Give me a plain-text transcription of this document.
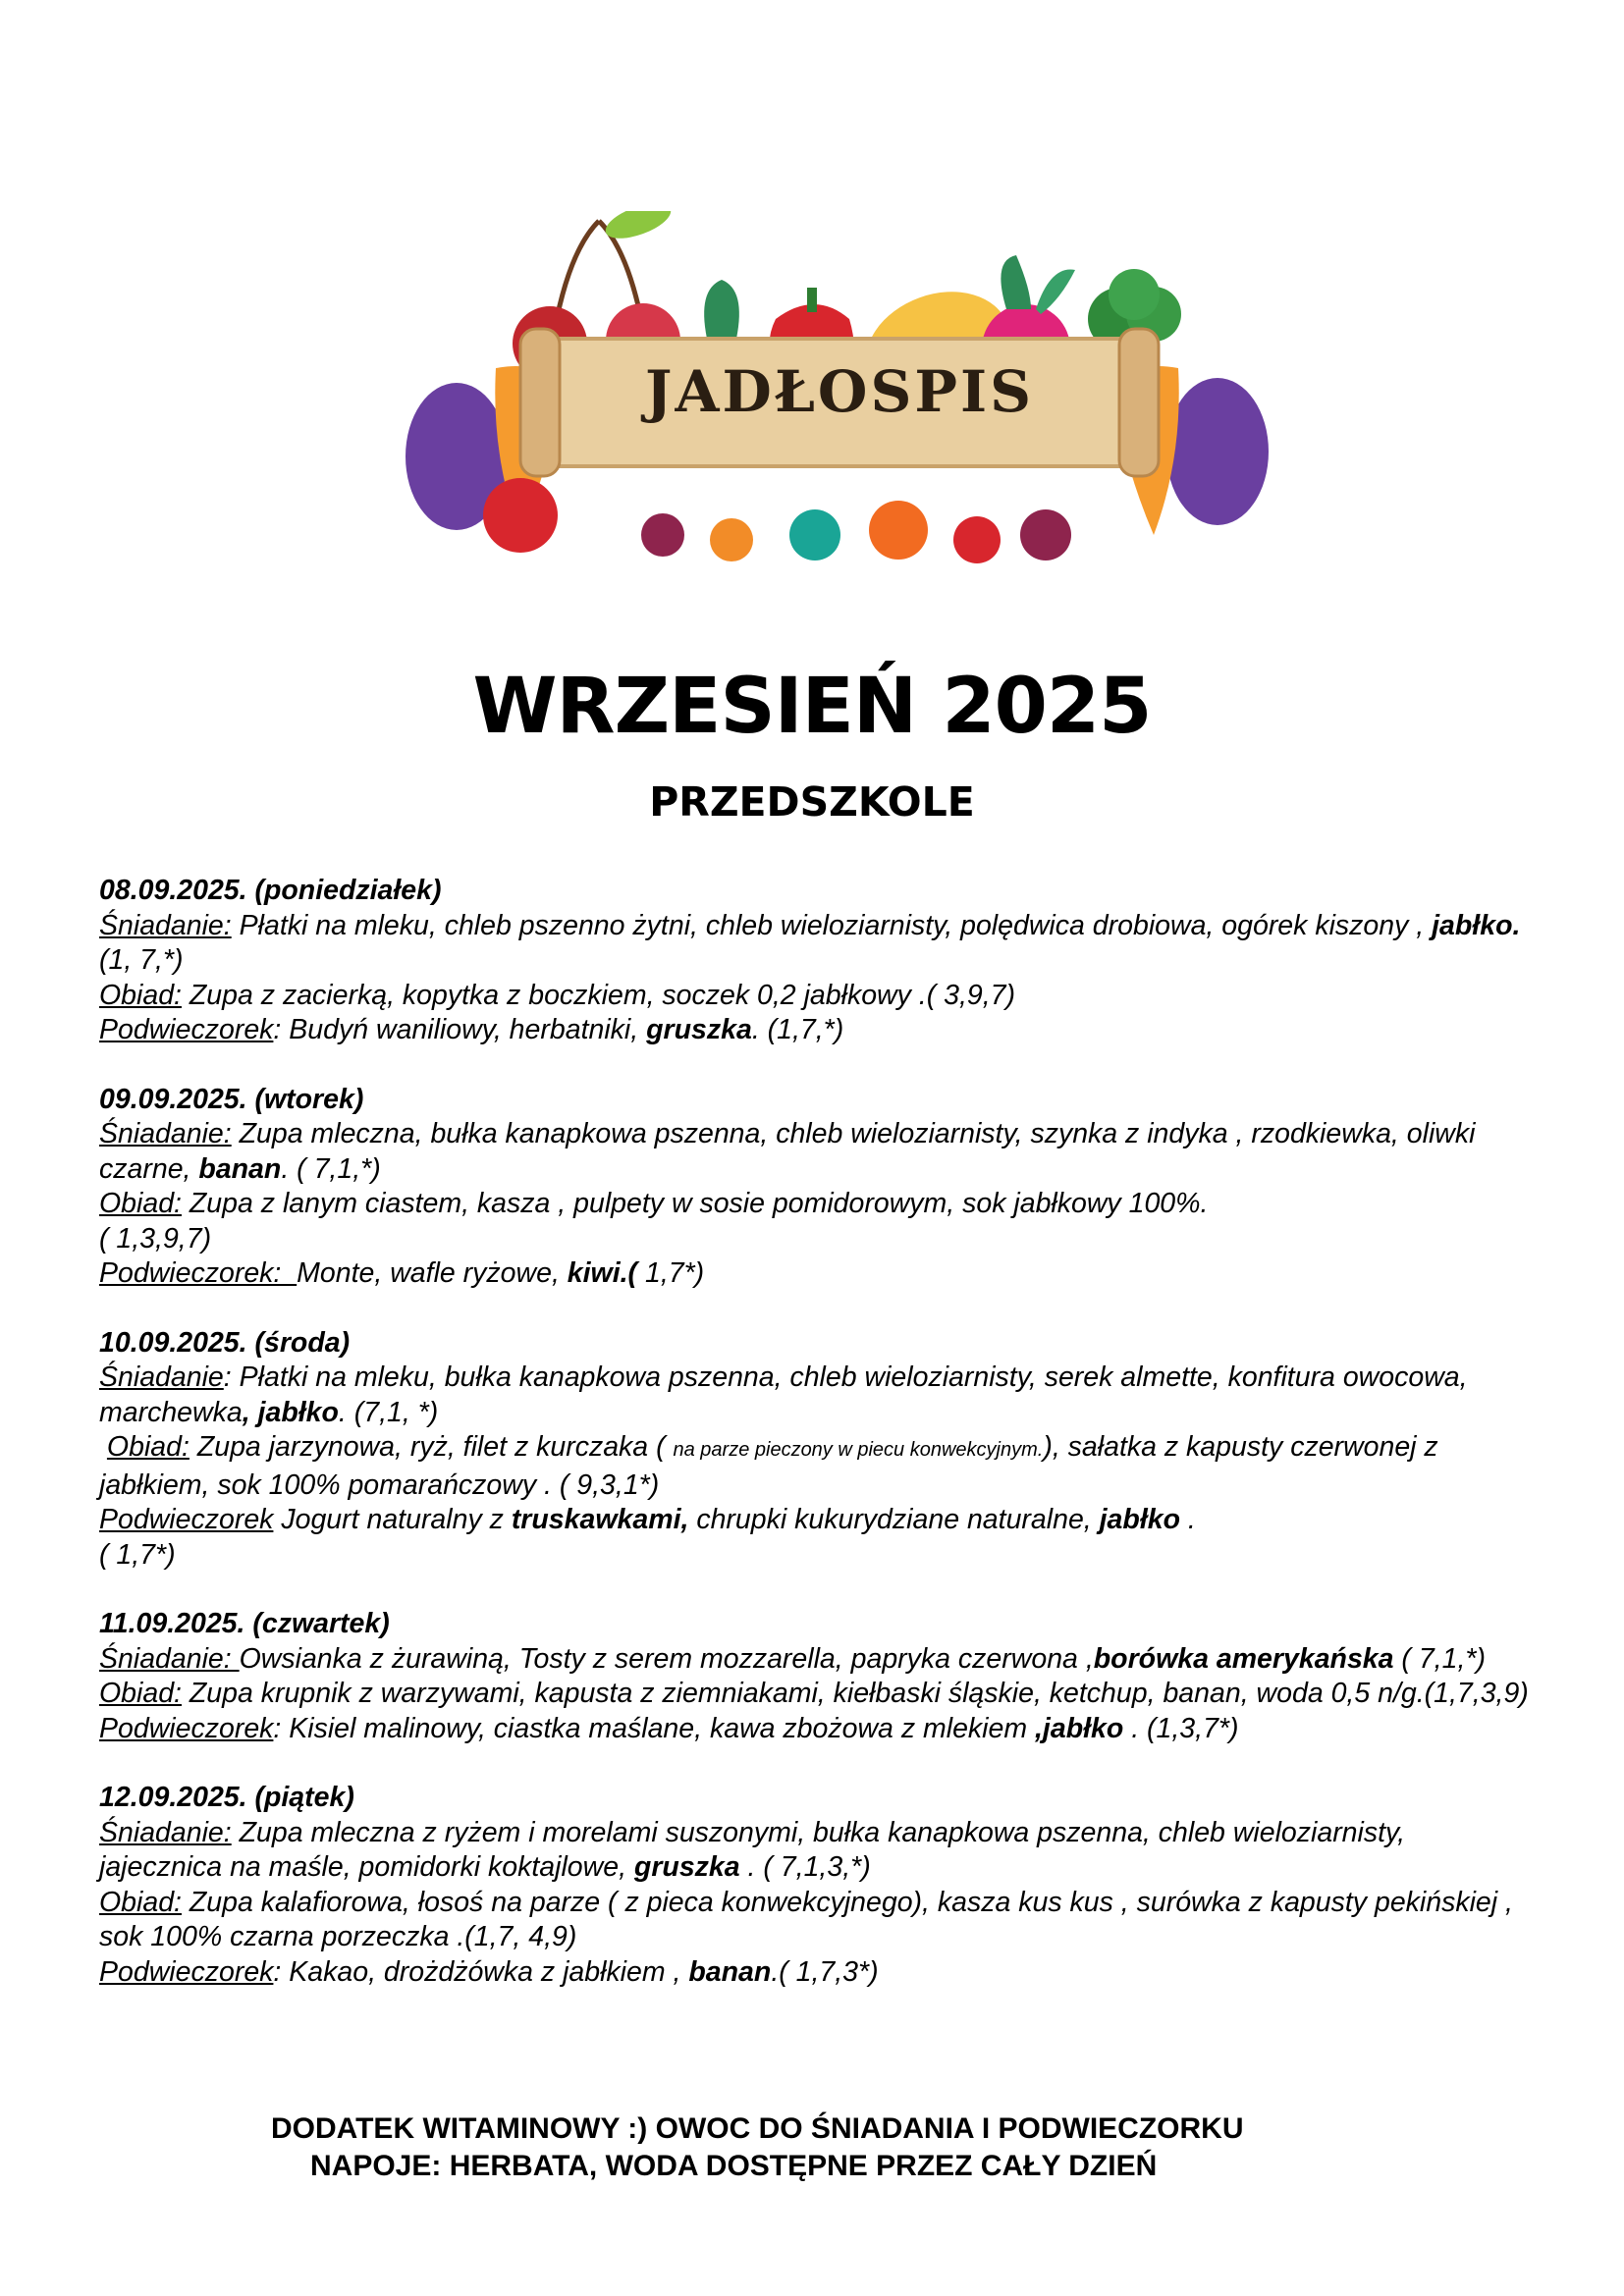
JADŁOSPIS
WRZESIEŃ 2025
PRZEDSZKOLE
08.09.2025. (poniedziałek)
Śniadanie: Płatki na mleku, chleb pszenno żytni, chleb wieloziarnisty, polędwica drobiowa, ogórek kiszony , jabłko. (1, 7,*)
Obiad: Zupa z zacierką, kopytka z boczkiem, soczek 0,2 jabłkowy .( 3,9,7)
Podwieczorek: Budyń waniliowy, herbatniki, gruszka. (1,7,*)
09.09.2025. (wtorek)
Śniadanie: Zupa mleczna, bułka kanapkowa pszenna, chleb wieloziarnisty, szynka z indyka , rzodkiewka, oliwki czarne, banan. ( 7,1,*)
Obiad: Zupa z lanym ciastem, kasza , pulpety w sosie pomidorowym, sok jabłkowy 100%.
( 1,3,9,7)
Podwieczorek:  Monte, wafle ryżowe, kiwi.( 1,7*)
10.09.2025. (środa)
Śniadanie: Płatki na mleku, bułka kanapkowa pszenna, chleb wieloziarnisty, serek almette, konfitura owocowa, marchewka, jabłko. (7,1, *)
Obiad: Zupa jarzynowa, ryż, filet z kurczaka ( na parze pieczony w piecu konwekcyjnym.), sałatka z kapusty czerwonej z jabłkiem, sok 100% pomarańczowy . ( 9,3,1*)
Podwieczorek Jogurt naturalny z truskawkami, chrupki kukurydziane naturalne, jabłko .
( 1,7*)
11.09.2025. (czwartek)
Śniadanie: Owsianka z żurawiną, Tosty z serem mozzarella, papryka czerwona ,borówka amerykańska ( 7,1,*)
Obiad: Zupa krupnik z warzywami, kapusta z ziemniakami, kiełbaski śląskie, ketchup, banan, woda 0,5 n/g.(1,7,3,9)
Podwieczorek: Kisiel malinowy, ciastka maślane, kawa zbożowa z mlekiem ,jabłko . (1,3,7*)
12.09.2025. (piątek)
Śniadanie: Zupa mleczna z ryżem i morelami suszonymi, bułka kanapkowa pszenna, chleb wieloziarnisty, jajecznica na maśle, pomidorki koktajlowe, gruszka . ( 7,1,3,*)
Obiad: Zupa kalafiorowa, łosoś na parze ( z pieca konwekcyjnego), kasza kus kus , surówka z kapusty pekińskiej , sok 100% czarna porzeczka .(1,7, 4,9)
Podwieczorek: Kakao, drożdżówka z jabłkiem , banan.( 1,7,3*)
DODATEK WITAMINOWY :) OWOC DO ŚNIADANIA I PODWIECZORKU
NAPOJE: HERBATA, WODA DOSTĘPNE PRZEZ CAŁY DZIEŃ
